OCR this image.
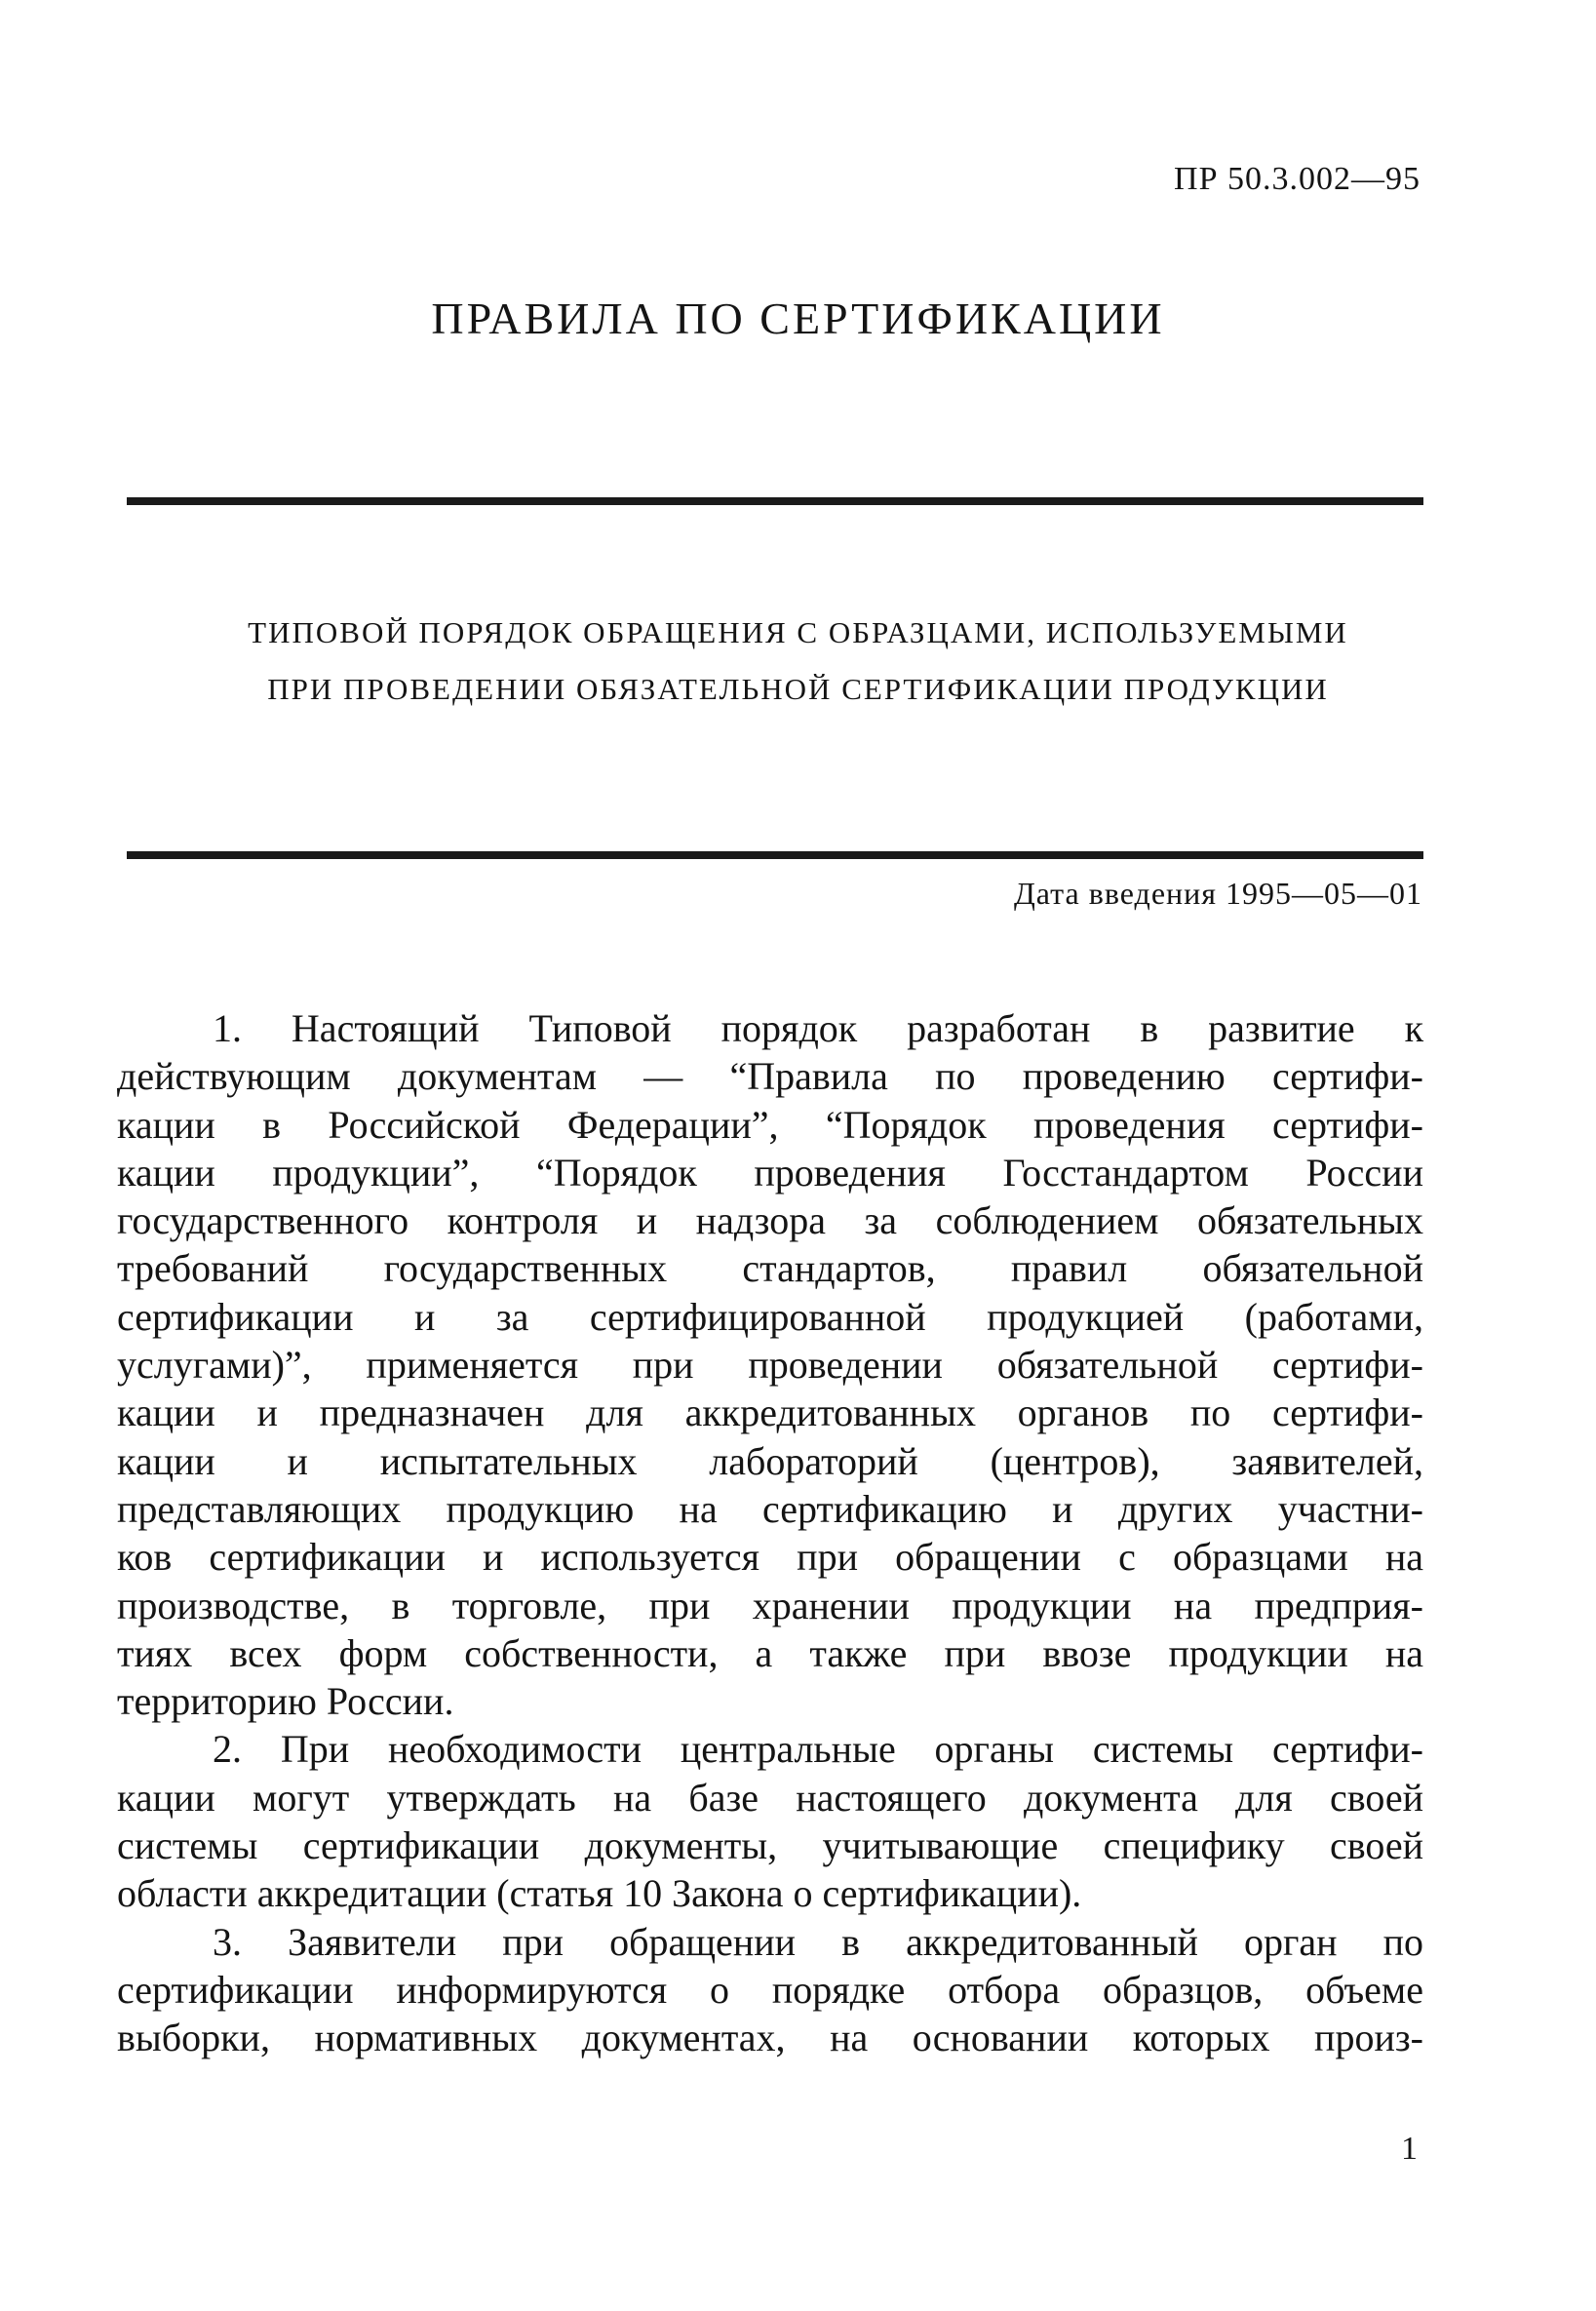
ПР 50.3.002—95
ПРАВИЛА ПО СЕРТИФИКАЦИИ
ТИПОВОЙ ПОРЯДОК ОБРАЩЕНИЯ С ОБРАЗЦАМИ, ИСПОЛЬЗУЕМЫМИ
ПРИ ПРОВЕДЕНИИ ОБЯЗАТЕЛЬНОЙ СЕРТИФИКАЦИИ ПРОДУКЦИИ
Дата введения 1995—05—01
1. Настоящий Типовой порядок разработан в развитие к
действующим документам — “Правила по проведению сертифи-
кации в Российской Федерации”, “Порядок проведения сертифи-
кации продукции”, “Порядок проведения Госстандартом России
государственного контроля и надзора за соблюдением обязательных
требований государственных стандартов, правил обязательной
сертификации и за сертифицированной продукцией (работами,
услугами)”, применяется при проведении обязательной сертифи-
кации и предназначен для аккредитованных органов по сертифи-
кации и испытательных лабораторий (центров), заявителей,
представляющих продукцию на сертификацию и других участни-
ков сертификации и используется при обращении с образцами на
производстве, в торговле, при хранении продукции на предприя-
тиях всех форм собственности, а также при ввозе продукции на
территорию России.
2. При необходимости центральные органы системы сертифи-
кации могут утверждать на базе настоящего документа для своей
системы сертификации документы, учитывающие специфику своей
области аккредитации (статья 10 Закона о сертификации).
3. Заявители при обращении в аккредитованный орган по
сертификации информируются о порядке отбора образцов, объеме
выборки, нормативных документах, на основании которых произ-
1
